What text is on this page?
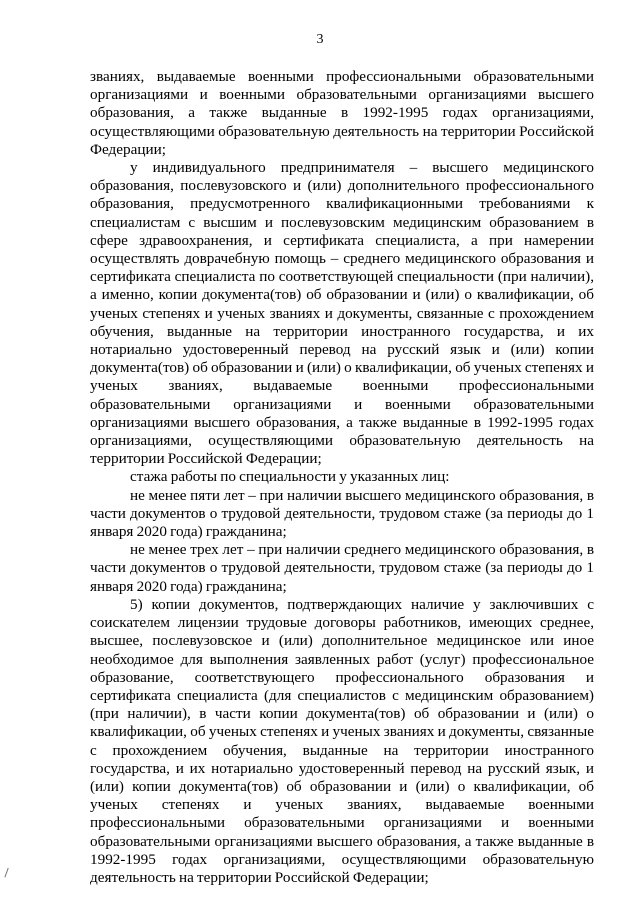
3

званиях, выдаваемые военными профессиональными образовательными организациями и военными образовательными организациями высшего образования, а также выданные в 1992-1995 годах организациями, осуществляющими образовательную деятельность на территории Российской Федерации;

у индивидуального предпринимателя – высшего медицинского образования, послевузовского и (или) дополнительного профессионального образования, предусмотренного квалификационными требованиями к специалистам с высшим и послевузовским медицинским образованием в сфере здравоохранения, и сертификата специалиста, а при намерении осуществлять доврачебную помощь – среднего медицинского образования и сертификата специалиста по соответствующей специальности (при наличии), а именно, копии документа(тов) об образовании и (или) о квалификации, об ученых степенях и ученых званиях и документы, связанные с прохождением обучения, выданные на территории иностранного государства, и их нотариально удостоверенный перевод на русский язык и (или) копии документа(тов) об образовании и (или) о квалификации, об ученых степенях и ученых званиях, выдаваемые военными профессиональными образовательными организациями и военными образовательными организациями высшего образования, а также выданные в 1992-1995 годах организациями, осуществляющими образовательную деятельность на территории Российской Федерации;

стажа работы по специальности у указанных лиц:

не менее пяти лет – при наличии высшего медицинского образования, в части документов о трудовой деятельности, трудовом стаже (за периоды до 1 января 2020 года) гражданина;

не менее трех лет – при наличии среднего медицинского образования, в части документов о трудовой деятельности, трудовом стаже (за периоды до 1 января 2020 года) гражданина;

5) копии документов, подтверждающих наличие у заключивших с соискателем лицензии трудовые договоры работников, имеющих среднее, высшее, послевузовское и (или) дополнительное медицинское или иное необходимое для выполнения заявленных работ (услуг) профессиональное образование, соответствующего профессионального образования и сертификата специалиста (для специалистов с медицинским образованием) (при наличии), в части копии документа(тов) об образовании и (или) о квалификации, об ученых степенях и ученых званиях и документы, связанные с прохождением обучения, выданные на территории иностранного государства, и их нотариально удостоверенный перевод на русский язык, и (или) копии документа(тов) об образовании и (или) о квалификации, об ученых степенях и ученых званиях, выдаваемые военными профессиональными образовательными организациями и военными образовательными организациями высшего образования, а также выданные в 1992-1995 годах организациями, осуществляющими образовательную деятельность на территории Российской Федерации;
